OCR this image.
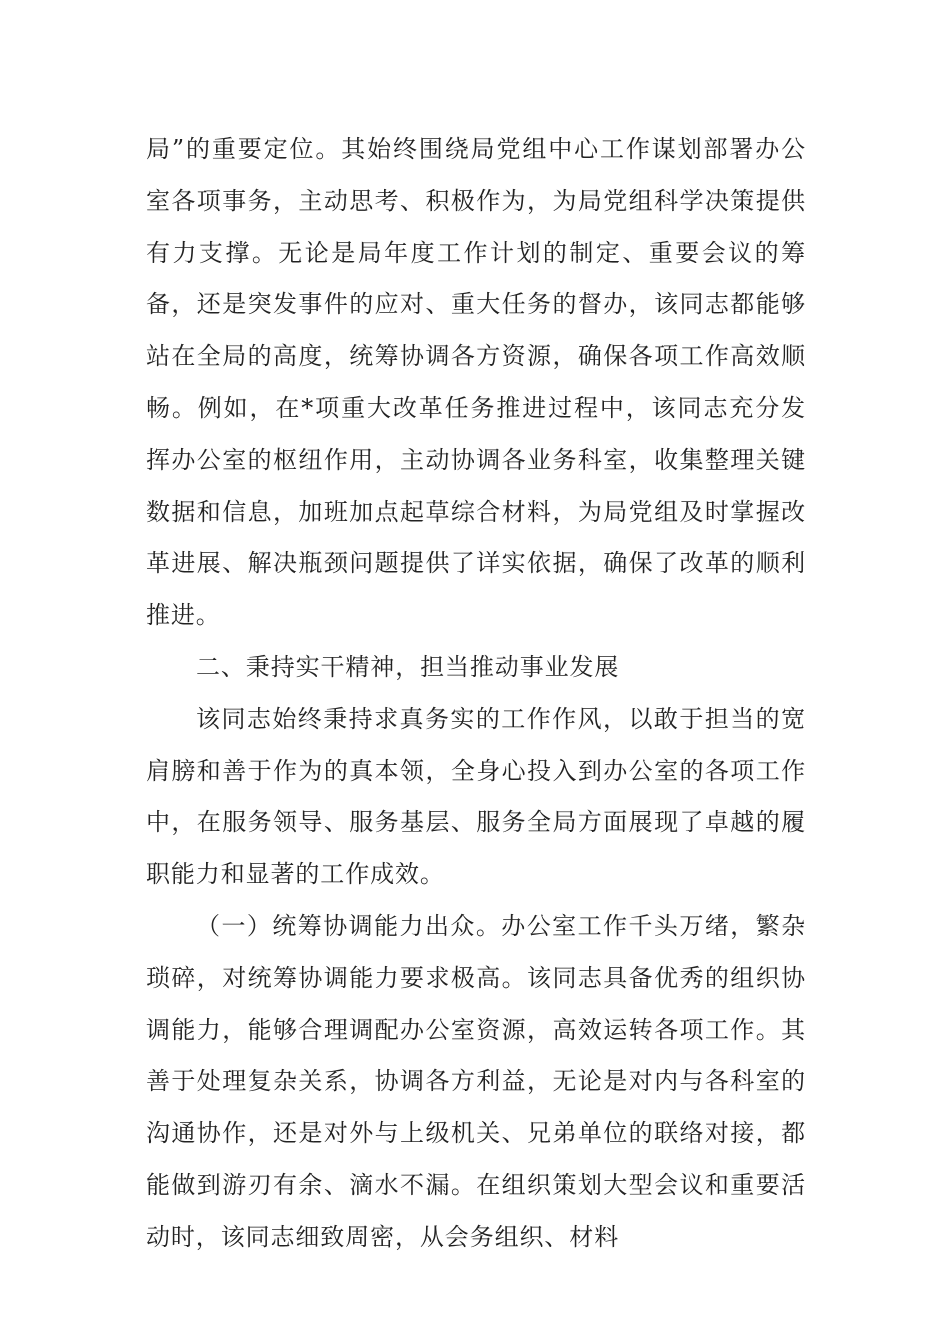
局”的重要定位。其始终围绕局党组中心工作谋划部署办公室各项事务，主动思考、积极作为，为局党组科学决策提供有力支撑。无论是局年度工作计划的制定、重要会议的筹备，还是突发事件的应对、重大任务的督办，该同志都能够站在全局的高度，统筹协调各方资源，确保各项工作高效顺畅。例如，在*项重大改革任务推进过程中，该同志充分发挥办公室的枢纽作用，主动协调各业务科室，收集整理关键数据和信息，加班加点起草综合材料，为局党组及时掌握改革进展、解决瓶颈问题提供了详实依据，确保了改革的顺利推进。

二、秉持实干精神，担当推动事业发展

该同志始终秉持求真务实的工作作风，以敢于担当的宽肩膀和善于作为的真本领，全身心投入到办公室的各项工作中，在服务领导、服务基层、服务全局方面展现了卓越的履职能力和显著的工作成效。

（一）统筹协调能力出众。办公室工作千头万绪，繁杂琐碎，对统筹协调能力要求极高。该同志具备优秀的组织协调能力，能够合理调配办公室资源，高效运转各项工作。其善于处理复杂关系，协调各方利益，无论是对内与各科室的沟通协作，还是对外与上级机关、兄弟单位的联络对接，都能做到游刃有余、滴水不漏。在组织策划大型会议和重要活动时，该同志细致周密，从会务组织、材料
